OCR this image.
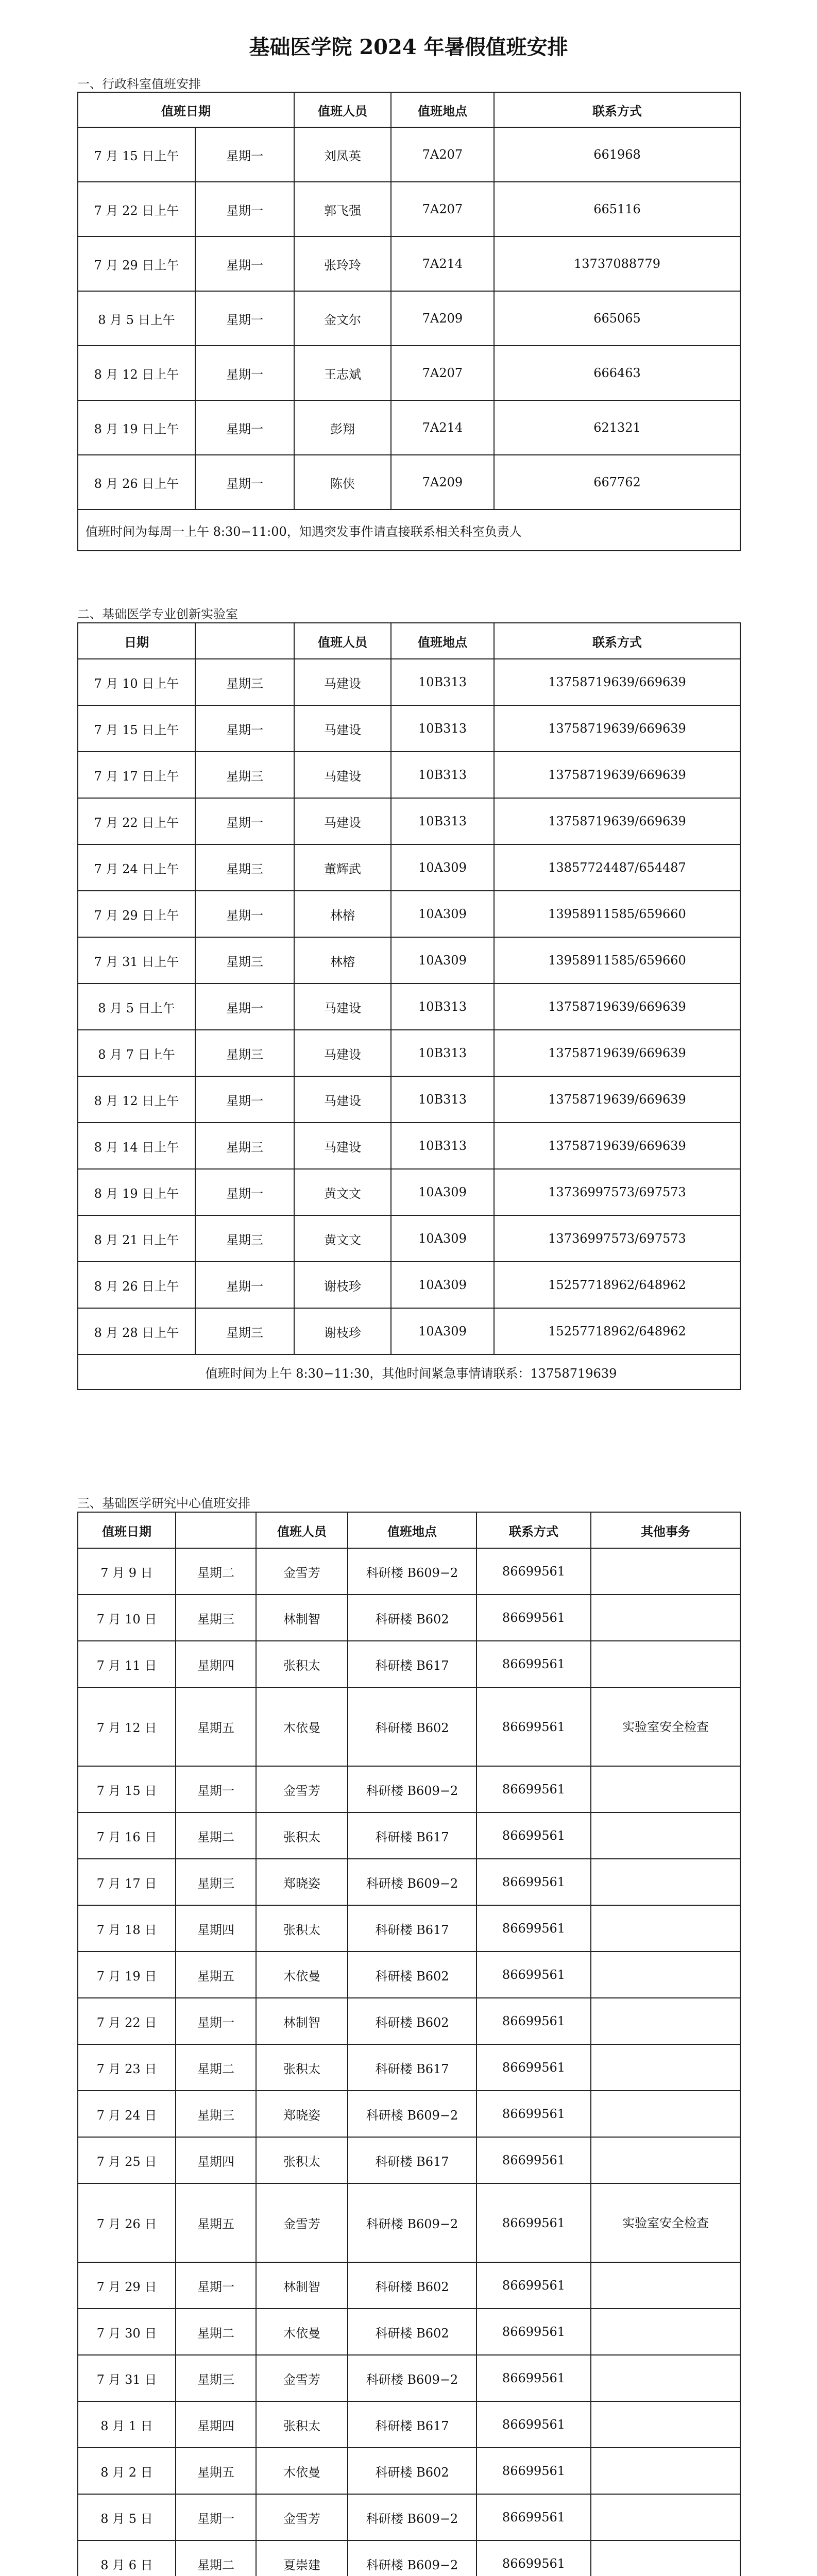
基础医学院 2024 年暑假值班安排
一、行政科室值班安排
值班日期		值班人员	值班地点	联系方式
7 月 15 日上午	星期一	刘凤英	7A207	661968
7 月 22 日上午	星期一	郭飞强	7A207	665116
7 月 29 日上午	星期一	张玲玲	7A214	13737088779
8 月 5 日上午	星期一	金文尔	7A209	665065
8 月 12 日上午	星期一	王志斌	7A207	666463
8 月 19 日上午	星期一	彭翔	7A214	621321
8 月 26 日上午	星期一	陈侠	7A209	667762
值班时间为每周一上午 8:30−11:00，知遇突发事件请直接联系相关科室负责人				
二、基础医学专业创新实验室
日期		值班人员	值班地点	联系方式
7 月 10 日上午	星期三	马建设	10B313	13758719639/669639
7 月 15 日上午	星期一	马建设	10B313	13758719639/669639
7 月 17 日上午	星期三	马建设	10B313	13758719639/669639
7 月 22 日上午	星期一	马建设	10B313	13758719639/669639
7 月 24 日上午	星期三	董辉武	10A309	13857724487/654487
7 月 29 日上午	星期一	林榕	10A309	13958911585/659660
7 月 31 日上午	星期三	林榕	10A309	13958911585/659660
8 月 5 日上午	星期一	马建设	10B313	13758719639/669639
8 月 7 日上午	星期三	马建设	10B313	13758719639/669639
8 月 12 日上午	星期一	马建设	10B313	13758719639/669639
8 月 14 日上午	星期三	马建设	10B313	13758719639/669639
8 月 19 日上午	星期一	黄文文	10A309	13736997573/697573
8 月 21 日上午	星期三	黄文文	10A309	13736997573/697573
8 月 26 日上午	星期一	谢枝珍	10A309	15257718962/648962
8 月 28 日上午	星期三	谢枝珍	10A309	15257718962/648962
值班时间为上午 8:30−11:30，其他时间紧急事情请联系：13758719639				
三、基础医学研究中心值班安排
值班日期		值班人员	值班地点	联系方式	其他事务
7 月 9 日	星期二	金雪芳	科研楼 B609−2	86699561	
7 月 10 日	星期三	林制智	科研楼 B602	86699561	
7 月 11 日	星期四	张积太	科研楼 B617	86699561	
7 月 12 日	星期五	木依曼	科研楼 B602	86699561	实验室安全检查
7 月 15 日	星期一	金雪芳	科研楼 B609−2	86699561	
7 月 16 日	星期二	张积太	科研楼 B617	86699561	
7 月 17 日	星期三	郑晓姿	科研楼 B609−2	86699561	
7 月 18 日	星期四	张积太	科研楼 B617	86699561	
7 月 19 日	星期五	木依曼	科研楼 B602	86699561	
7 月 22 日	星期一	林制智	科研楼 B602	86699561	
7 月 23 日	星期二	张积太	科研楼 B617	86699561	
7 月 24 日	星期三	郑晓姿	科研楼 B609−2	86699561	
7 月 25 日	星期四	张积太	科研楼 B617	86699561	
7 月 26 日	星期五	金雪芳	科研楼 B609−2	86699561	实验室安全检查
7 月 29 日	星期一	林制智	科研楼 B602	86699561	
7 月 30 日	星期二	木依曼	科研楼 B602	86699561	
7 月 31 日	星期三	金雪芳	科研楼 B609−2	86699561	
8 月 1 日	星期四	张积太	科研楼 B617	86699561	
8 月 2 日	星期五	木依曼	科研楼 B602	86699561	
8 月 5 日	星期一	金雪芳	科研楼 B609−2	86699561	
8 月 6 日	星期二	夏崇建	科研楼 B609−2	86699561	
